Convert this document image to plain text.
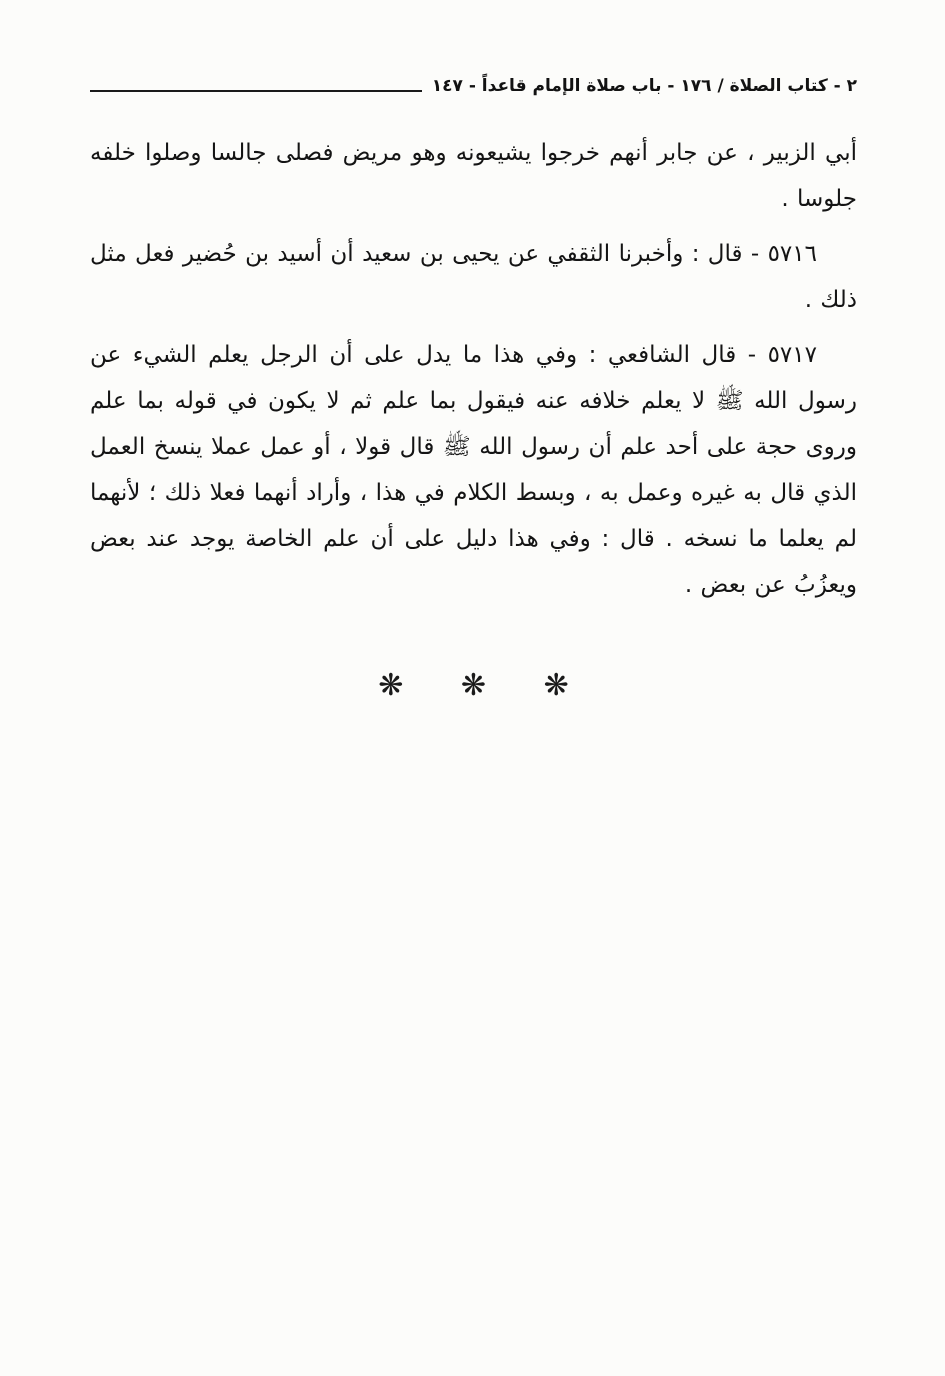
٢ - كتاب الصلاة / ١٧٦ - باب صلاة الإمام قاعداً - ١٤٧

أبي الزبير ، عن جابر أنهم خرجوا يشيعونه وهو مريض فصلى جالسا وصلوا خلفه جلوسا .

٥٧١٦ - قال : وأخبرنا الثقفي عن يحيى بن سعيد أن أسيد بن حُضير فعل مثل ذلك .

٥٧١٧ - قال الشافعي : وفي هذا ما يدل على أن الرجل يعلم الشيء عن رسول الله ﷺ لا يعلم خلافه عنه فيقول بما علم ثم لا يكون في قوله بما علم وروى حجة على أحد علم أن رسول الله ﷺ قال قولا ، أو عمل عملا ينسخ العمل الذي قال به غيره وعمل به ، وبسط الكلام في هذا ، وأراد أنهما فعلا ذلك ؛ لأنهما لم يعلما ما نسخه . قال : وفي هذا دليل على أن علم الخاصة يوجد عند بعض ويعزُبُ عن بعض .

❋ ❋ ❋
